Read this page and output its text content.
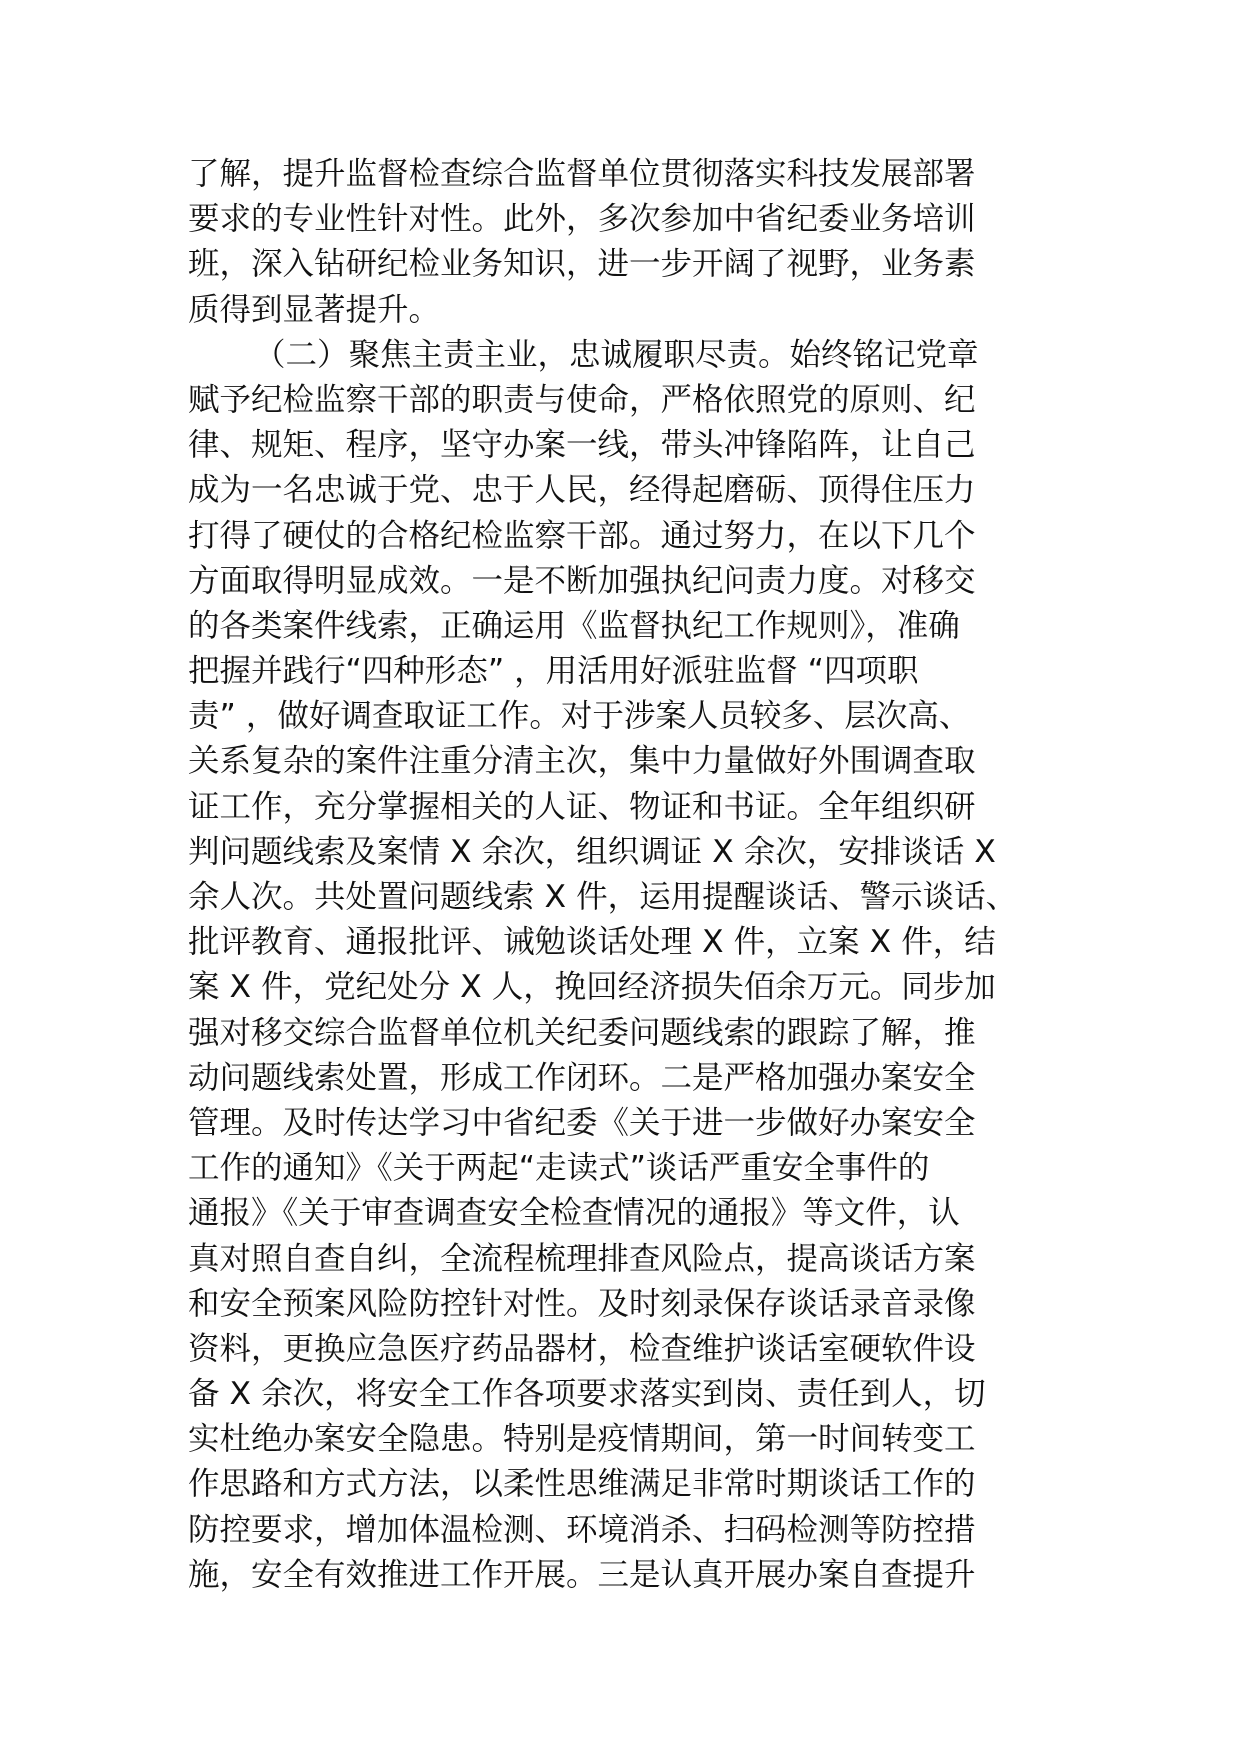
了解，提升监督检查综合监督单位贯彻落实科技发展部署
要求的专业性针对性。此外，多次参加中省纪委业务培训
班，深入钻研纪检业务知识，进一步开阔了视野，业务素
质得到显著提升。
（二）聚焦主责主业，忠诚履职尽责。始终铭记党章
赋予纪检监察干部的职责与使命，严格依照党的原则、纪
律、规矩、程序，坚守办案一线，带头冲锋陷阵，让自己
成为一名忠诚于党、忠于人民，经得起磨砺、顶得住压力
打得了硬仗的合格纪检监察干部。通过努力，在以下几个
方面取得明显成效。一是不断加强执纪问责力度。对移交
的各类案件线索，正确运用《监督执纪工作规则》，准确
把握并践行“四种形态” ，用活用好派驻监督 “四项职
责” ，做好调查取证工作。对于涉案人员较多、层次高、
关系复杂的案件注重分清主次，集中力量做好外围调查取
证工作，充分掌握相关的人证、物证和书证。全年组织研
判问题线索及案情 X 余次，组织调证 X 余次，安排谈话 X
余人次。共处置问题线索 X 件，运用提醒谈话、警示谈话、
批评教育、通报批评、诫勉谈话处理 X 件，立案 X 件，结
案 X 件，党纪处分 X 人，挽回经济损失佰余万元。同步加
强对移交综合监督单位机关纪委问题线索的跟踪了解，推
动问题线索处置，形成工作闭环。二是严格加强办案安全
管理。及时传达学习中省纪委《关于进一步做好办案安全
工作的通知》《关于两起“走读式”谈话严重安全事件的
通报》《关于审查调查安全检查情况的通报》等文件，认
真对照自查自纠，全流程梳理排查风险点，提高谈话方案
和安全预案风险防控针对性。及时刻录保存谈话录音录像
资料，更换应急医疗药品器材，检查维护谈话室硬软件设
备 X 余次，将安全工作各项要求落实到岗、责任到人，切
实杜绝办案安全隐患。特别是疫情期间，第一时间转变工
作思路和方式方法，以柔性思维满足非常时期谈话工作的
防控要求，增加体温检测、环境消杀、扫码检测等防控措
施，安全有效推进工作开展。三是认真开展办案自查提升
